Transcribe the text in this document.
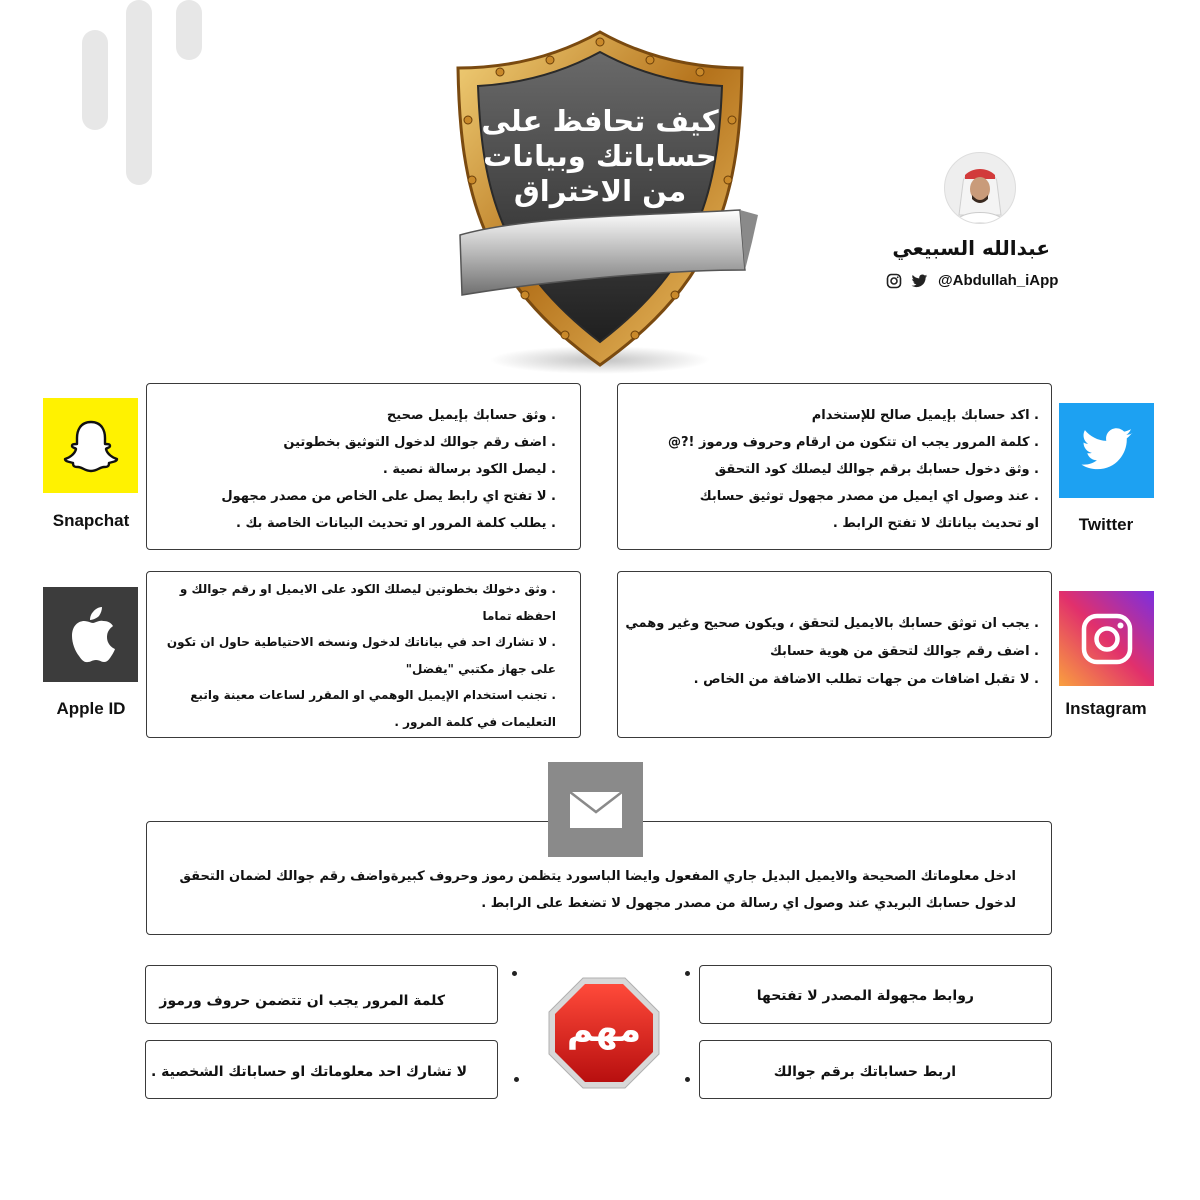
كيف تحافظ على
حساباتك وبيانات
من الاختراق
عبدالله السبيعي
@Abdullah_iApp
Snapchat
. وثق حسابك بإيميل صحيح
. اضف رقم جوالك لدخول التوثيق بخطوتين
. ليصل الكود برسالة نصية .
. لا تفتح اي رابط يصل على الخاص من مصدر مجهول
. يطلب كلمة المرور او تحديث البيانات الخاصة بك .
. اكد حسابك بإيميل صالح للإستخدام
. كلمة المرور يجب ان تتكون من ارقام وحروف ورموز !?@
. وثق دخول حسابك برقم جوالك ليصلك كود التحقق
. عند وصول اي ايميل من مصدر مجهول توثيق حسابك
او تحديث بياناتك لا تفتح الرابط .	Twitter
Apple ID
. وثق دخولك بخطوتين ليصلك الكود على الايميل او رقم جوالك و
احفظه تماما
. لا تشارك احد في بياناتك لدخول ونسخه الاحتياطية حاول ان تكون
على جهاز مكتبي "يفضل"
. تجنب استخدام الإيميل الوهمي او المقرر لساعات معينة واتبع
التعليمات في كلمة المرور .
. يجب ان توثق حسابك بالايميل لتحقق ، ويكون صحيح وغير وهمي
. اضف رقم جوالك لتحقق من هوية حسابك
. لا تقبل اضافات من جهات تطلب الاضافة من الخاص .
Instagram
ادخل معلوماتك الصحيحة والايميل البديل جاري المفعول وايضا الباسورد يتظمن رموز وحروف كبيرةواضف رقم جوالك لضمان التحقق
لدخول حسابك البريدي عند وصول اي رسالة من مصدر مجهول لا تضغط على الرابط .
روابط مجهولة المصدر لا تفتحها
كلمة المرور يجب ان تتضمن حروف ورموز
اربط حساباتك برقم جوالك
لا تشارك احد معلوماتك او حساباتك الشخصية .
مهم
